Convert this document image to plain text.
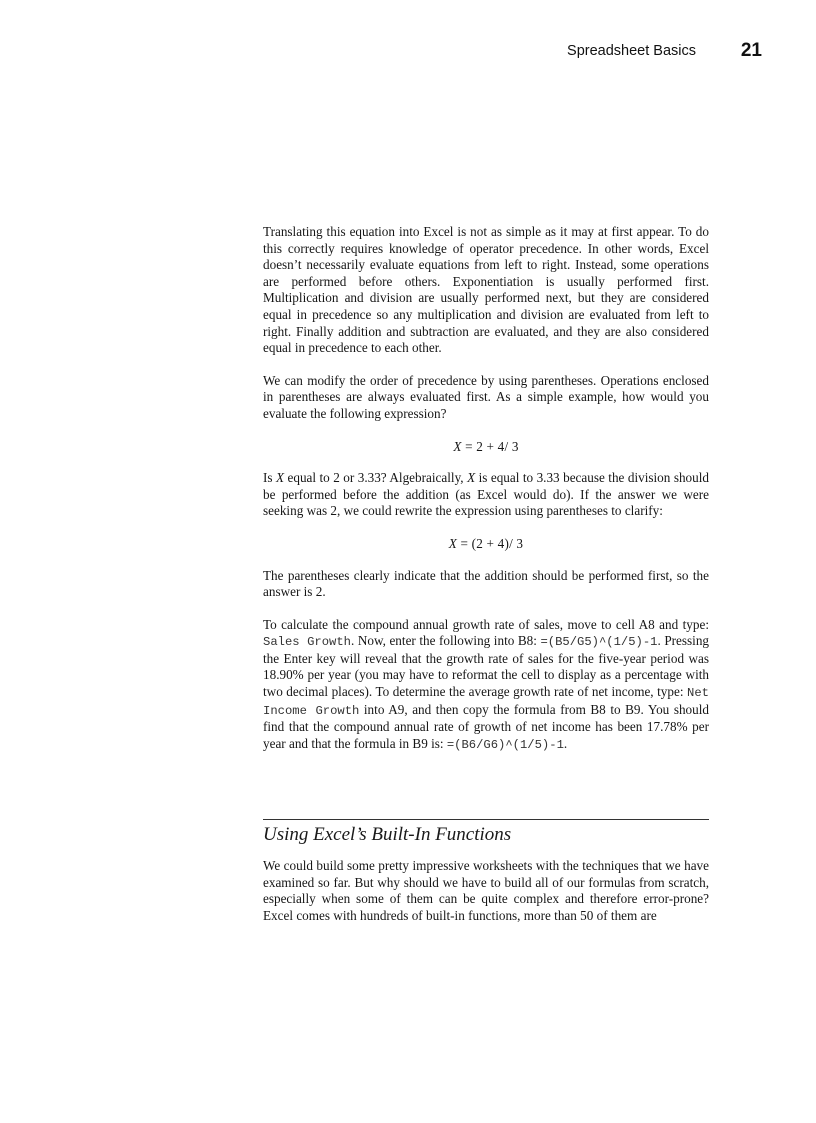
Spreadsheet Basics 21

Translating this equation into Excel is not as simple as it may at first appear. To do this correctly requires knowledge of operator precedence. In other words, Excel doesn’t necessarily evaluate equations from left to right. Instead, some operations are performed before others. Exponentiation is usually performed first. Multiplication and division are usually performed next, but they are considered equal in precedence so any multiplication and division are evaluated from left to right. Finally addition and subtraction are evaluated, and they are also considered equal in precedence to each other.

We can modify the order of precedence by using parentheses. Operations enclosed in parentheses are always evaluated first. As a simple example, how would you evaluate the following expression?

X = 2 + 4/ 3

Is X equal to 2 or 3.33? Algebraically, X is equal to 3.33 because the division should be performed before the addition (as Excel would do). If the answer we were seeking was 2, we could rewrite the expression using parentheses to clarify:

X = (2 + 4)/ 3

The parentheses clearly indicate that the addition should be performed first, so the answer is 2.

To calculate the compound annual growth rate of sales, move to cell A8 and type: Sales Growth. Now, enter the following into B8: =(B5/G5)^(1/5)-1. Pressing the Enter key will reveal that the growth rate of sales for the five-year period was 18.90% per year (you may have to reformat the cell to display as a percentage with two decimal places). To determine the average growth rate of net income, type: Net Income Growth into A9, and then copy the formula from B8 to B9. You should find that the compound annual rate of growth of net income has been 17.78% per year and that the formula in B9 is: =(B6/G6)^(1/5)-1.

Using Excel’s Built-In Functions

We could build some pretty impressive worksheets with the techniques that we have examined so far. But why should we have to build all of our formulas from scratch, especially when some of them can be quite complex and therefore error-prone? Excel comes with hundreds of built-in functions, more than 50 of them are
